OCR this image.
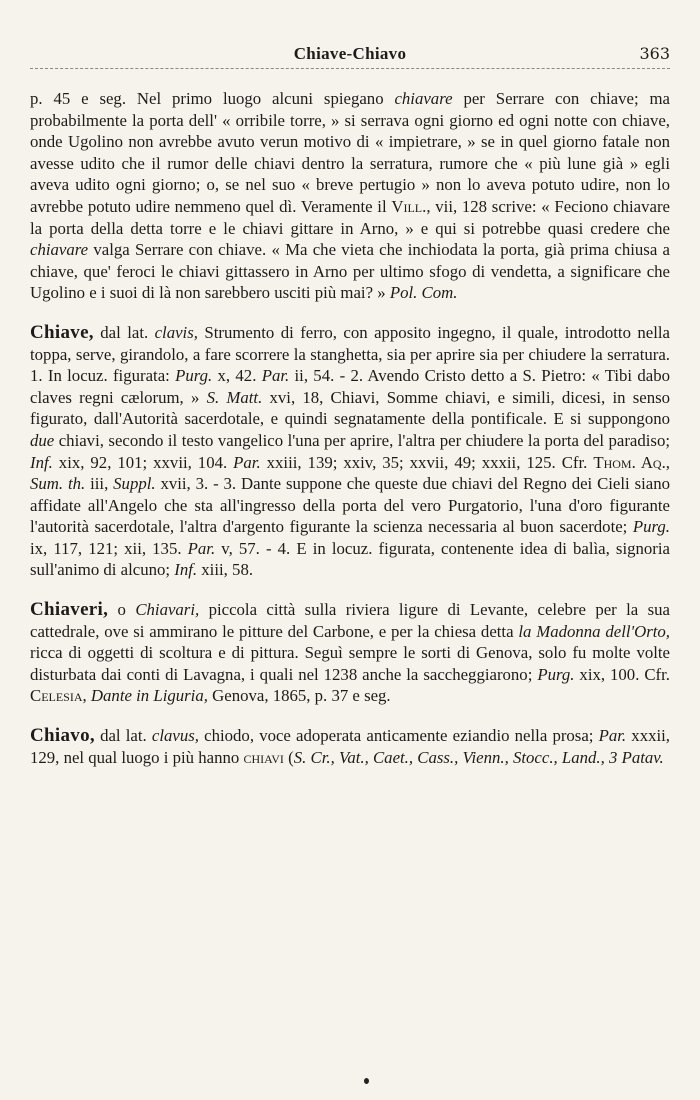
Chiave-Chiavo	363

p. 45 e seg. Nel primo luogo alcuni spiegano chiavare per Serrare con chiave; ma probabilmente la porta dell' « orribile torre, » si serrava ogni giorno ed ogni notte con chiave, onde Ugolino non avrebbe avuto verun motivo di « impietrare, » se in quel giorno fatale non avesse udito che il rumor delle chiavi dentro la serratura, rumore che « più lune già » egli aveva udito ogni giorno; o, se nel suo « breve pertugio » non lo aveva potuto udire, non lo avrebbe potuto udire nemmeno quel dì. Veramente il Vill., vii, 128 scrive: « Feciono chiavare la porta della detta torre e le chiavi gittare in Arno, » e qui si potrebbe quasi credere che chiavare valga Serrare con chiave. « Ma che vieta che inchiodata la porta, già prima chiusa a chiave, que' feroci le chiavi gittassero in Arno per ultimo sfogo di vendetta, a significare che Ugolino e i suoi di là non sarebbero usciti più mai? » Pol. Com.

Chiave, dal lat. clavis, Strumento di ferro, con apposito ingegno, il quale, introdotto nella toppa, serve, girandolo, a fare scorrere la stanghetta, sia per aprire sia per chiudere la serratura. 1. In locuz. figurata: Purg. x, 42. Par. ii, 54. - 2. Avendo Cristo detto a S. Pietro: « Tibi dabo claves regni cælorum, » S. Matt. xvi, 18, Chiavi, Somme chiavi, e simili, dicesi, in senso figurato, dall'Autorità sacerdotale, e quindi segnatamente della pontificale. E si suppongono due chiavi, secondo il testo vangelico l'una per aprire, l'altra per chiudere la porta del paradiso; Inf. xix, 92, 101; xxvii, 104. Par. xxiii, 139; xxiv, 35; xxvii, 49; xxxii, 125. Cfr. Thom. Aq., Sum. th. iii, Suppl. xvii, 3. - 3. Dante suppone che queste due chiavi del Regno dei Cieli siano affidate all'Angelo che sta all'ingresso della porta del vero Purgatorio, l'una d'oro figurante l'autorità sacerdotale, l'altra d'argento figurante la scienza necessaria al buon sacerdote; Purg. ix, 117, 121; xii, 135. Par. v, 57. - 4. E in locuz. figurata, contenente idea di balìa, signoria sull'animo di alcuno; Inf. xiii, 58.

Chiaveri, o Chiavari, piccola città sulla riviera ligure di Levante, celebre per la sua cattedrale, ove si ammirano le pitture del Carbone, e per la chiesa detta la Madonna dell'Orto, ricca di oggetti di scoltura e di pittura. Seguì sempre le sorti di Genova, solo fu molte volte disturbata dai conti di Lavagna, i quali nel 1238 anche la saccheggiarono; Purg. xix, 100. Cfr. Celesia, Dante in Liguria, Genova, 1865, p. 37 e seg.

Chiavo, dal lat. clavus, chiodo, voce adoperata anticamente eziandio nella prosa; Par. xxxii, 129, nel qual luogo i più hanno chiavi (S. Cr., Vat., Caet., Cass., Vienn., Stocc., Land., 3 Patav.
